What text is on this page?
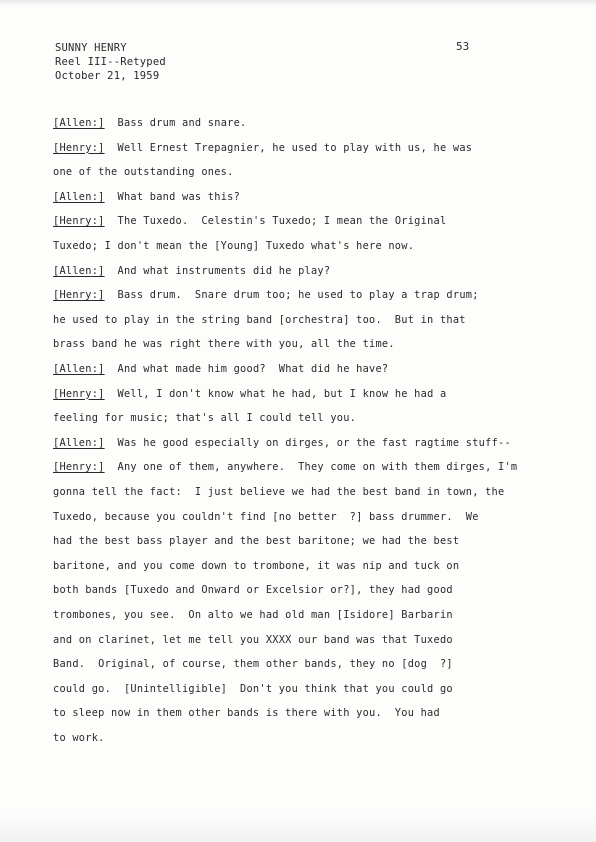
SUNNY HENRY
Reel III--Retyped
October 21, 1959
53
[Allen:]  Bass drum and snare.
[Henry:]  Well Ernest Trepagnier, he used to play with us, he was
one of the outstanding ones.
[Allen:]  What band was this?
[Henry:]  The Tuxedo.  Celestin's Tuxedo; I mean the Original
Tuxedo; I don't mean the [Young] Tuxedo what's here now.
[Allen:]  And what instruments did he play?
[Henry:]  Bass drum.  Snare drum too; he used to play a trap drum;
he used to play in the string band [orchestra] too.  But in that
brass band he was right there with you, all the time.
[Allen:]  And what made him good?  What did he have?
[Henry:]  Well, I don't know what he had, but I know he had a
feeling for music; that's all I could tell you.
[Allen:]  Was he good especially on dirges, or the fast ragtime stuff--
[Henry:]  Any one of them, anywhere.  They come on with them dirges, I'm
gonna tell the fact:  I just believe we had the best band in town, the
Tuxedo, because you couldn't find [no better  ?] bass drummer.  We
had the best bass player and the best baritone; we had the best
baritone, and you come down to trombone, it was nip and tuck on
both bands [Tuxedo and Onward or Excelsior or?], they had good
trombones, you see.  On alto we had old man [Isidore] Barbarin
and on clarinet, let me tell you XXXX our band was that Tuxedo
Band.  Original, of course, them other bands, they no [dog  ?]
could go.  [Unintelligible]  Don't you think that you could go
to sleep now in them other bands is there with you.  You had
to work.
